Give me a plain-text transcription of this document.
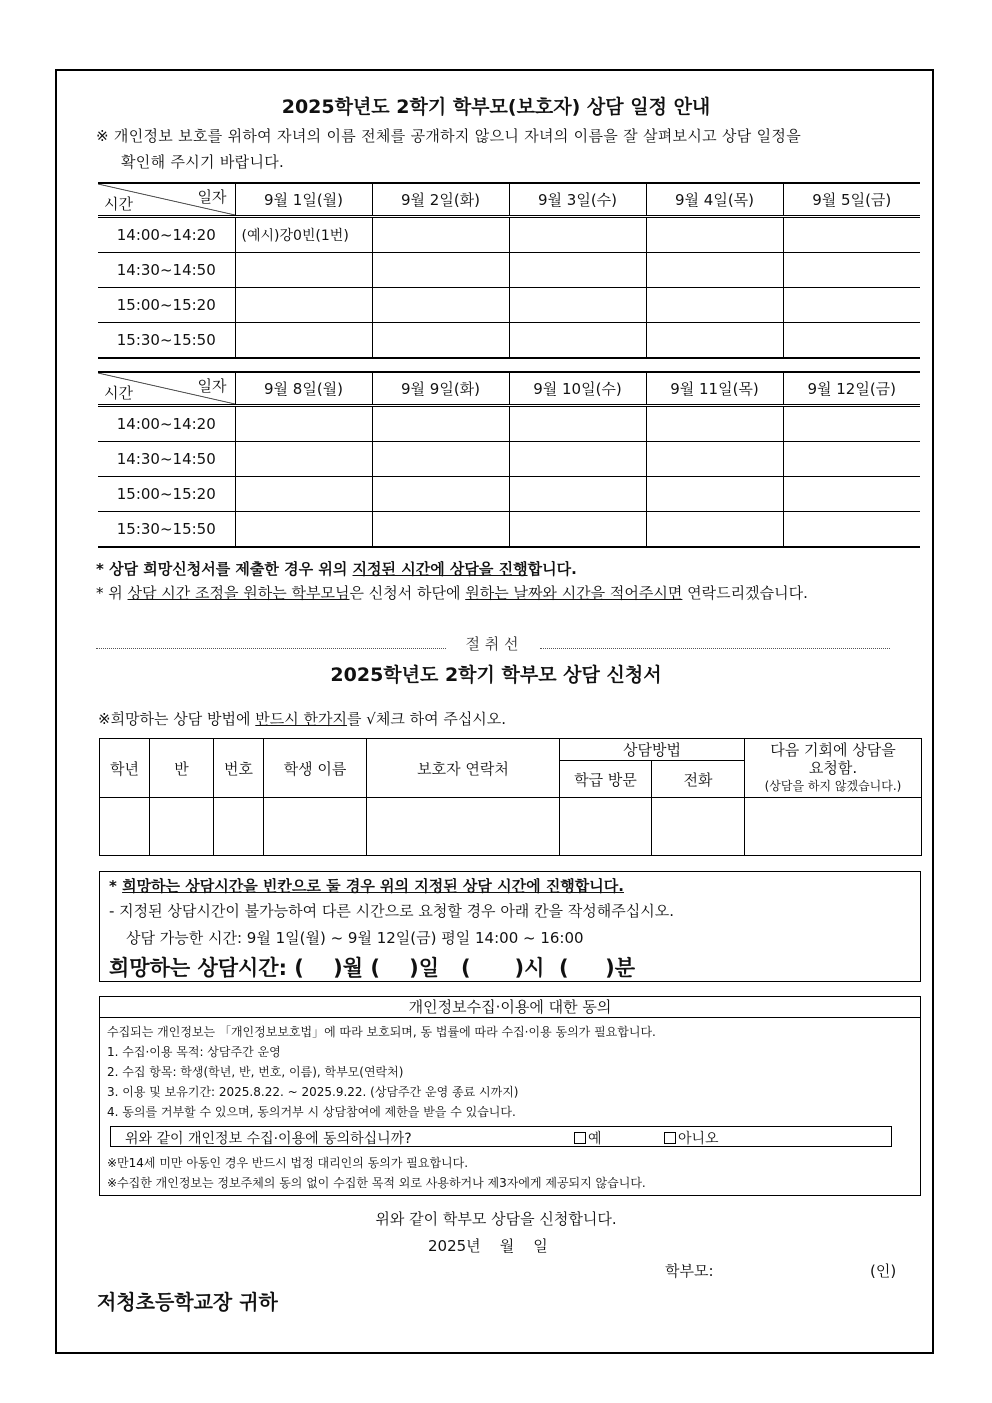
2025학년도 2학기 학부모(보호자) 상담 일정 안내
※ 개인정보 보호를 위하여 자녀의 이름 전체를 공개하지 않으니 자녀의 이름을 잘 살펴보시고 상담 일정을
확인해 주시기 바랍니다.
일자
시간	9월 1일(월)	9월 2일(화)	9월 3일(수)	9월 4일(목)	9월 5일(금)
14:00~14:20	(예시)강0빈(1번)				
14:30~14:50					
15:00~15:20					
15:30~15:50					
일자
시간	9월 8일(월)	9월 9일(화)	9월 10일(수)	9월 11일(목)	9월 12일(금)
14:00~14:20					
14:30~14:50					
15:00~15:20					
15:30~15:50					
* 상담 희망신청서를 제출한 경우 위의 지정된 시간에 상담을 진행합니다.
* 위 상담 시간 조정을 원하는 학부모님은 신청서 하단에 원하는 날짜와 시간을 적어주시면 연락드리겠습니다.
절 취 선
2025학년도 2학기 학부모 상담 신청서
※희망하는 상담 방법에 반드시 한가지를 √체크 하여 주십시오.
학년	반	번호	학생 이름	보호자 연락처	상담방법		다음 기회에 상담을
요청함.
(상담을 하지 않겠습니다.)

					학급 방문	전화	

* 희망하는 상담시간을 빈칸으로 둘 경우 위의 지정된 상담 시간에 진행합니다.
- 지정된 상담시간이 불가능하여 다른 시간으로 요청할 경우 아래 칸을 작성해주십시오.
상담 가능한 시간: 9월 1일(월) ~ 9월 12일(금) 평일 14:00 ~ 16:00
희망하는 상담시간: (    )월 (    )일   (      )시  (     )분
개인정보수집·이용에 대한 동의
수집되는 개인정보는 「개인정보보호법」에 따라 보호되며, 동 법률에 따라 수집·이용 동의가 필요합니다.
1. 수집·이용 목적: 상담주간 운영
2. 수집 항목: 학생(학년, 반, 번호, 이름), 학부모(연락처)
3. 이용 및 보유기간: 2025.8.22. ~ 2025.9.22. (상담주간 운영 종료 시까지)
4. 동의를 거부할 수 있으며, 동의거부 시 상담참여에 제한을 받을 수 있습니다.
위와 같이 개인정보 수집·이용에 동의하십니까?	예	아니오
※만14세 미만 아동인 경우 반드시 법정 대리인의 동의가 필요합니다.
※수집한 개인정보는 정보주체의 동의 없이 수집한 목적 외로 사용하거나 제3자에게 제공되지 않습니다.
위와 같이 학부모 상담을 신청합니다.
2025년    월    일
학부모:	(인)
저청초등학교장 귀하
